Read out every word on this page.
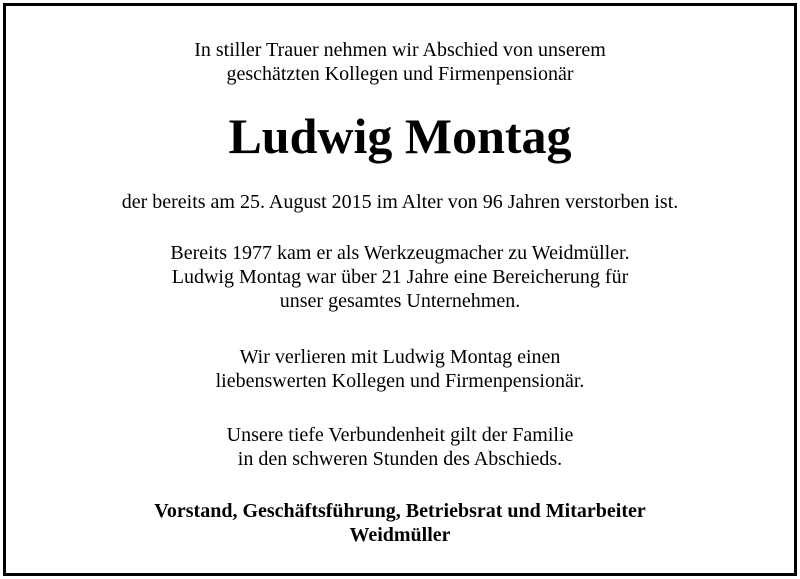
In stiller Trauer nehmen wir Abschied von unserem
geschätzten Kollegen und Firmenpensionär
Ludwig Montag
der bereits am 25. August 2015 im Alter von 96 Jahren verstorben ist.
Bereits 1977 kam er als Werkzeugmacher zu Weidmüller.
Ludwig Montag war über 21 Jahre eine Bereicherung für
unser gesamtes Unternehmen.
Wir verlieren mit Ludwig Montag einen
liebenswerten Kollegen und Firmenpensionär.
Unsere tiefe Verbundenheit gilt der Familie
in den schweren Stunden des Abschieds.
Vorstand, Geschäftsführung, Betriebsrat und Mitarbeiter
Weidmüller
